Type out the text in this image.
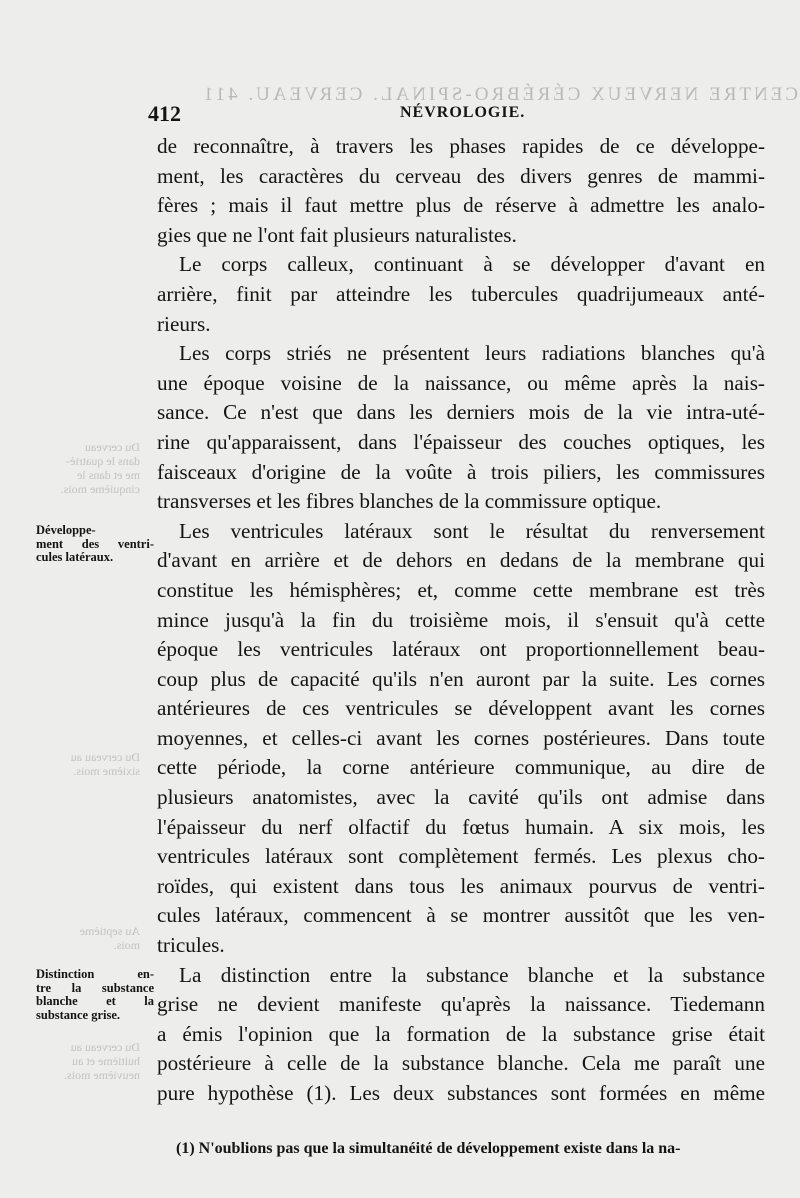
CENTRE NERVEUX CÉRÉBRO-SPINAL. CERVEAU. 411
Du cerveau
dans le quatriè-
me et dans le
cinquième mois.
Du cerveau au
sixième mois.
Au septième
mois.
Du cerveau au
huitième et au
neuvième mois.
412	NÉVROLOGIE.

de reconnaître, à travers les phases rapides de ce développe-
ment, les caractères du cerveau des divers genres de mammi-
fères ; mais il faut mettre plus de réserve à admettre les analo-
gies que ne l'ont fait plusieurs naturalistes.

Le corps calleux, continuant à se développer d'avant en
arrière, finit par atteindre les tubercules quadrijumeaux anté-
rieurs.

Les corps striés ne présentent leurs radiations blanches qu'à
une époque voisine de la naissance, ou même après la nais-
sance. Ce n'est que dans les derniers mois de la vie intra-uté-
rine qu'apparaissent, dans l'épaisseur des couches optiques, les
faisceaux d'origine de la voûte à trois piliers, les commissures
transverses et les fibres blanches de la commissure optique.

Les ventricules latéraux sont le résultat du renversement
d'avant en arrière et de dehors en dedans de la membrane qui
constitue les hémisphères; et, comme cette membrane est très
mince jusqu'à la fin du troisième mois, il s'ensuit qu'à cette
époque les ventricules latéraux ont proportionnellement beau-
coup plus de capacité qu'ils n'en auront par la suite. Les cornes
antérieures de ces ventricules se développent avant les cornes
moyennes, et celles-ci avant les cornes postérieures. Dans toute
cette période, la corne antérieure communique, au dire de
plusieurs anatomistes, avec la cavité qu'ils ont admise dans
l'épaisseur du nerf olfactif du fœtus humain. A six mois, les
ventricules latéraux sont complètement fermés. Les plexus cho-
roïdes, qui existent dans tous les animaux pourvus de ventri-
cules latéraux, commencent à se montrer aussitôt que les ven-
tricules.

La distinction entre la substance blanche et la substance
grise ne devient manifeste qu'après la naissance. Tiedemann
a émis l'opinion que la formation de la substance grise était
postérieure à celle de la substance blanche. Cela me paraît une
pure hypothèse (1). Les deux substances sont formées en même

Développe-
ment des ventri-
cules latéraux.
Distinction en-
tre la substance
blanche et la
substance grise.
(1) N'oublions pas que la simultanéité de développement existe dans la na-
